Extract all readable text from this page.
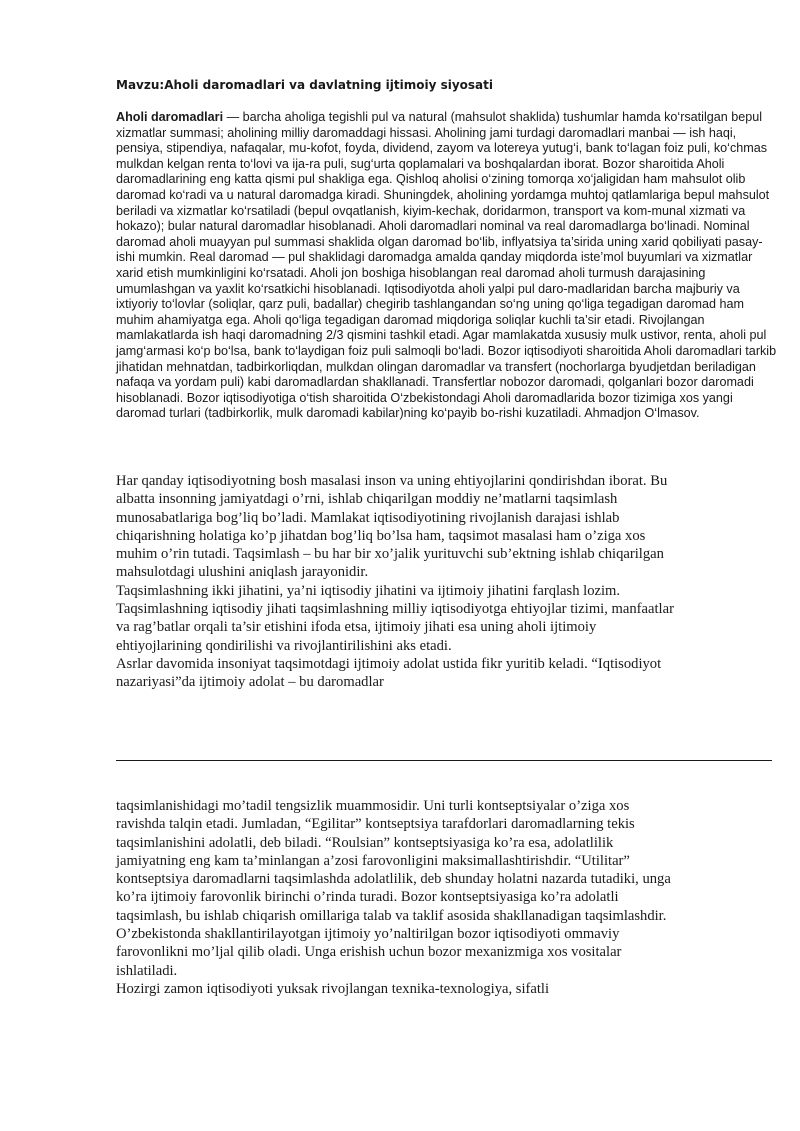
Mavzu:Aholi daromadlari va davlatning ijtimoiy siyosati

Aholi daromadlari — barcha aholiga tegishli pul va natural (mahsulot shaklida) tushumlar hamda ko‘rsatilgan bepul xizmatlar summasi; aholining milliy daromaddagi hissasi. Aholining jami turdagi daromadlari manbai — ish haqi, pensiya, stipendiya, nafaqalar, mu-kofot, foyda, dividend, zayom va lotereya yutug‘i, bank to‘lagan foiz puli, ko‘chmas mulkdan kelgan renta to‘lovi va ija-ra puli, sug‘urta qoplamalari va boshqalardan iborat. Bozor sharoitida Aholi daromadlarining eng katta qismi pul shakliga ega. Qishloq aholisi o‘zining tomorqa xo‘jaligidan ham mahsulot olib daromad ko‘radi va u natural daromadga kiradi. Shuningdek, aholining yordamga muhtoj qatlamlariga bepul mahsulot beriladi va xizmatlar ko‘rsatiladi (bepul ovqatlanish, kiyim-kechak, doridarmon, transport va kom-munal xizmati va hokazo); bular natural daromadlar hisoblanadi. Aholi daromadlari nominal va real daromadlarga bo‘linadi. Nominal daromad aholi muayyan pul summasi shaklida olgan daromad bo‘lib, inflyatsiya ta’sirida uning xarid qobiliyati pasay-ishi mumkin. Real daromad — pul shaklidagi daromadga amalda qanday miqdorda iste’mol buyumlari va xizmatlar xarid etish mumkinligini ko‘rsatadi. Aholi jon boshiga hisoblangan real daromad aholi turmush darajasining umumlashgan va yaxlit ko‘rsatkichi hisoblanadi. Iqtisodiyotda aholi yalpi pul daro-madlaridan barcha majburiy va ixtiyoriy to‘lovlar (soliqlar, qarz puli, badallar) chegirib tashlangandan so‘ng uning qo‘liga tegadigan daromad ham muhim ahamiyatga ega. Aholi qo‘liga tegadigan daromad miqdoriga soliqlar kuchli ta’sir etadi. Rivojlangan mamlakatlarda ish haqi daromadning 2/3 qismini tashkil etadi. Agar mamlakatda xususiy mulk ustivor, renta, aholi pul jamg‘armasi ko‘p bo‘lsa, bank to‘laydigan foiz puli salmoqli bo‘ladi. Bozor iqtisodiyoti sharoitida Aholi daromadlari tarkib jihatidan mehnatdan, tadbirkorliqdan, mulkdan olingan daromadlar va transfert (nochorlarga byudjetdan beriladigan nafaqa va yordam puli) kabi daromadlardan shakllanadi. Transfertlar nobozor daromadi, qolganlari bozor daromadi hisoblanadi. Bozor iqtisodiyotiga o‘tish sharoitida O‘zbekistondagi Aholi daromadlarida bozor tizimiga xos yangi daromad turlari (tadbirkorlik, mulk daromadi kabilar)ning ko‘payib bo-rishi kuzatiladi. Ahmadjon O‘lmasov.

Har qanday iqtisodiyotning bosh masalasi inson va uning ehtiyojlarini qondirishdan iborat. Bu albatta insonning jamiyatdagi o’rni, ishlab chiqarilgan moddiy ne’matlarni taqsimlash munosabatlariga bog’liq bo’ladi. Mamlakat iqtisodiyotining rivojlanish darajasi ishlab chiqarishning holatiga ko’p jihatdan bog’liq bo’lsa ham, taqsimot masalasi ham o’ziga xos muhim o’rin tutadi. Taqsimlash – bu har bir xo’jalik yurituvchi sub’ektning ishlab chiqarilgan mahsulotdagi ulushini aniqlash jarayonidir.

Taqsimlashning ikki jihatini, ya’ni iqtisodiy jihatini va ijtimoiy jihatini farqlash lozim. Taqsimlashning iqtisodiy jihati taqsimlashning milliy iqtisodiyotga ehtiyojlar tizimi, manfaatlar va rag’batlar orqali ta’sir etishini ifoda etsa, ijtimoiy jihati esa uning aholi ijtimoiy ehtiyojlarining qondirilishi va rivojlantirilishini aks etadi.

Asrlar davomida insoniyat taqsimotdagi ijtimoiy adolat ustida fikr yuritib keladi. “Iqtisodiyot nazariyasi”da ijtimoiy adolat – bu daromadlar

taqsimlanishidagi mo’tadil tengsizlik muammosidir. Uni turli kontseptsiyalar o’ziga xos ravishda talqin etadi. Jumladan, “Egilitar” kontseptsiya tarafdorlari daromadlarning tekis taqsimlanishini adolatli, deb biladi. “Roulsian” kontseptsiyasiga ko’ra esa, adolatlilik jamiyatning eng kam ta’minlangan a’zosi farovonligini maksimallashtirishdir. “Utilitar” kontseptsiya daromadlarni taqsimlashda adolatlilik, deb shunday holatni nazarda tutadiki, unga ko’ra ijtimoiy farovonlik birinchi o’rinda turadi. Bozor kontseptsiyasiga ko’ra adolatli taqsimlash, bu ishlab chiqarish omillariga talab va taklif asosida shakllanadigan taqsimlashdir.

O’zbekistonda shakllantirilayotgan ijtimoiy yo’naltirilgan bozor iqtisodiyoti ommaviy farovonlikni mo’ljal qilib oladi. Unga erishish uchun bozor mexanizmiga xos vositalar ishlatiladi.

Hozirgi zamon iqtisodiyoti yuksak rivojlangan texnika-texnologiya, sifatli
